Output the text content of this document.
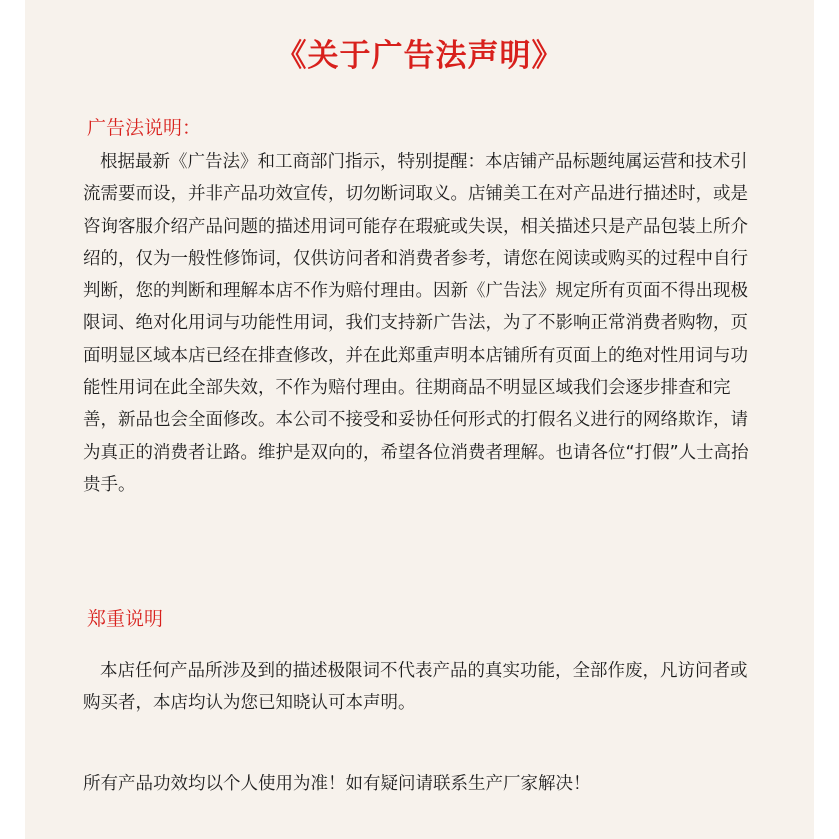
《关于广告法声明》
广告法说明：
根据最新《广告法》和工商部门指示，特别提醒：本店铺产品标题纯属运营和技术引流需要而设，并非产品功效宣传，切勿断词取义。店铺美工在对产品进行描述时，或是咨询客服介绍产品问题的描述用词可能存在瑕疵或失误，相关描述只是产品包装上所介绍的，仅为一般性修饰词，仅供访问者和消费者参考，请您在阅读或购买的过程中自行判断，您的判断和理解本店不作为赔付理由。因新《广告法》规定所有页面不得出现极限词、绝对化用词与功能性用词，我们支持新广告法，为了不影响正常消费者购物，页面明显区域本店已经在排查修改，并在此郑重声明本店铺所有页面上的绝对性用词与功能性用词在此全部失效，不作为赔付理由。往期商品不明显区域我们会逐步排查和完善，新品也会全面修改。本公司不接受和妥协任何形式的打假名义进行的网络欺诈，请为真正的消费者让路。维护是双向的，希望各位消费者理解。也请各位“打假”人士高抬贵手。
郑重说明
本店任何产品所涉及到的描述极限词不代表产品的真实功能，全部作废，凡访问者或购买者，本店均认为您已知晓认可本声明。
所有产品功效均以个人使用为准！如有疑问请联系生产厂家解决！
